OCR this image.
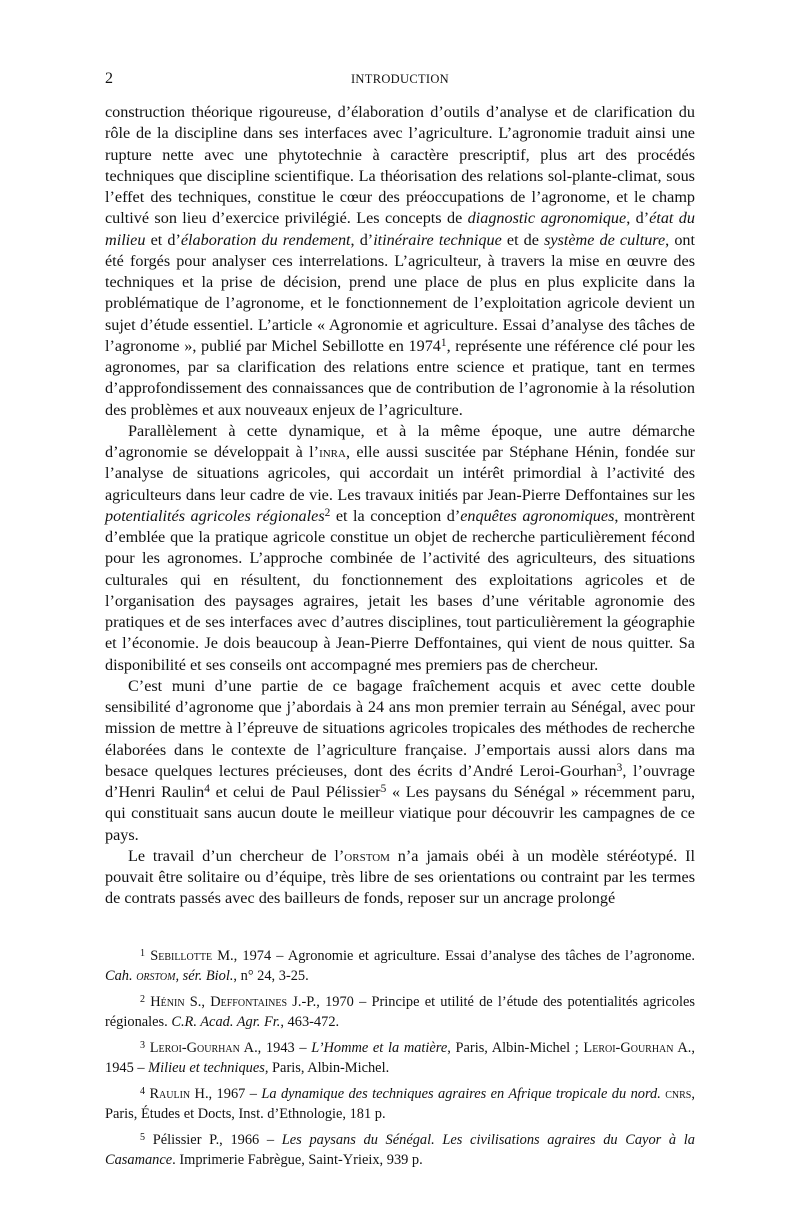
2	INTRODUCTION

construction théorique rigoureuse, d’élaboration d’outils d’analyse et de clarification du rôle de la discipline dans ses interfaces avec l’agriculture. L’agronomie traduit ainsi une rupture nette avec une phytotechnie à caractère prescriptif, plus art des procédés techniques que discipline scientifique. La théorisation des relations sol-plante-climat, sous l’effet des techniques, constitue le cœur des préoccupations de l’agronome, et le champ cultivé son lieu d’exercice privilégié. Les concepts de diagnostic agronomique, d’état du milieu et d’élaboration du rendement, d’itinéraire technique et de système de culture, ont été forgés pour analyser ces interrelations. L’agriculteur, à travers la mise en œuvre des techniques et la prise de décision, prend une place de plus en plus explicite dans la problématique de l’agronome, et le fonctionnement de l’exploitation agricole devient un sujet d’étude essentiel. L’article « Agronomie et agriculture. Essai d’analyse des tâches de l’agronome », publié par Michel Sebillotte en 1974$^1$, représente une référence clé pour les agronomes, par sa clarification des relations entre science et pratique, tant en termes d’approfondissement des connaissances que de contribution de l’agronomie à la résolution des problèmes et aux nouveaux enjeux de l’agriculture.

Parallèlement à cette dynamique, et à la même époque, une autre démarche d’agronomie se développait à l’inra, elle aussi suscitée par Stéphane Hénin, fondée sur l’analyse de situations agricoles, qui accordait un intérêt primordial à l’activité des agriculteurs dans leur cadre de vie. Les travaux initiés par Jean-Pierre Deffontaines sur les potentialités agricoles régionales$^2$ et la conception d’enquêtes agronomiques, montrèrent d’emblée que la pratique agricole constitue un objet de recherche particulièrement fécond pour les agronomes. L’approche combinée de l’activité des agriculteurs, des situations culturales qui en résultent, du fonctionnement des exploitations agricoles et de l’organisation des paysages agraires, jetait les bases d’une véritable agronomie des pratiques et de ses interfaces avec d’autres disciplines, tout particulièrement la géographie et l’économie. Je dois beaucoup à Jean-Pierre Deffontaines, qui vient de nous quitter. Sa disponibilité et ses conseils ont accompagné mes premiers pas de chercheur.

C’est muni d’une partie de ce bagage fraîchement acquis et avec cette double sensibilité d’agronome que j’abordais à 24 ans mon premier terrain au Sénégal, avec pour mission de mettre à l’épreuve de situations agricoles tropicales des méthodes de recherche élaborées dans le contexte de l’agriculture française. J’emportais aussi alors dans ma besace quelques lectures précieuses, dont des écrits d’André Leroi-Gourhan$^3$, l’ouvrage d’Henri Raulin$^4$ et celui de Paul Pélissier$^5$ « Les paysans du Sénégal » récemment paru, qui constituait sans aucun doute le meilleur viatique pour découvrir les campagnes de ce pays.

Le travail d’un chercheur de l’orstom n’a jamais obéi à un modèle stéréotypé. Il pouvait être solitaire ou d’équipe, très libre de ses orientations ou contraint par les termes de contrats passés avec des bailleurs de fonds, reposer sur un ancrage prolongé

$^1$ Sebillotte M., 1974 – Agronomie et agriculture. Essai d’analyse des tâches de l’agronome. Cah. orstom, sér. Biol., n° 24, 3-25.

$^2$ Hénin S., Deffontaines J.-P., 1970 – Principe et utilité de l’étude des potentialités agricoles régionales. C.R. Acad. Agr. Fr., 463-472.

$^3$ Leroi-Gourhan A., 1943 – L’Homme et la matière, Paris, Albin-Michel ; Leroi-Gourhan A., 1945 – Milieu et techniques, Paris, Albin-Michel.

$^4$ Raulin H., 1967 – La dynamique des techniques agraires en Afrique tropicale du nord. cnrs, Paris, Études et Docts, Inst. d’Ethnologie, 181 p.

$^5$ Pélissier P., 1966 – Les paysans du Sénégal. Les civilisations agraires du Cayor à la Casamance. Imprimerie Fabrègue, Saint-Yrieix, 939 p.
